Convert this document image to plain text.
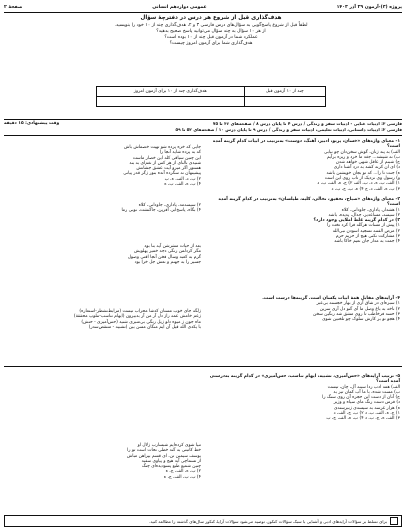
پروژه (۳)-آزمون ۲۹ آذر ۱۴۰۳
عمومی دوازدهم انسانی
صفحهٔ ۲
هدف‌گذاری قبل از شروع هر درس در دفترچهٔ سؤال

لطفاً قبل از شروع پاسخ‌گویی به سؤال‌های درس فارسی ۳ و ۲، هدف‌گذاری چند از ۱۰ خود را بنویسید.

از هر ۱۰ سؤال به چند سؤال می‌توانید پاسخ صحیح بدهید؟

عملکرد شما در آزمون قبل چند از ۱۰ بوده است؟

هدف‌گذاری شما برای آزمون امروز چیست؟

چند از ۱۰ آزمون قبل	هدف‌گذاری چند از ۱۰ برای آزمون امروز

فارسی ۳: ادبیات غنایی - ادبیات سفر و زندگی / درس ۴ تا پایان درس ۸ / صفحه‌های ۳۶ تا ۷۵
فارسی ۲: ادبیات داستانی، ادبیات تعلیمی، ادبیات سفر و زندگی / درس ۹ تا پایان درس ۱۰ / صفحه‌های ۵۲ تا ۵۹
وقت پیشنهادی: ۱۵ دقیقه
۱- معنای واژه‌های «خسان، پرتو، ادبیر، آهنگ، دوست» به‌ترتیب در ابیات کدام گزینه آمده است؟
الف) به پند زنان، گوش سخن‌دان چو نیابی
ب) نه شیشه... جغد ما خرد و ریزه برآیم
ج) شبنم از عاقل شهی خواهد شدن
د) ای ان کرنه کشد به درد آشنا داری
ه) جنت تا را... که تو بجان خویشتن باشد
و) رسول وی نزدیک از تاب روی این است
۱) الف، ب، ه، د، ب، الف ۲) ج، ه، الف، ب، د
۳) ب، ه، الف، د، ج ۴) ه، ب، ج، ب، د
۲- معنای واژه‌های «صباح، تحقیق، تخالی، کلیه، طیلسان» به‌ترتیب در کدام گزینه آمده است؟
۱) هشدار، پاداری، جاودانی، کلاه
۲) سیسه، مساعدیر، جدال، پدیده، باشد
۳) در کدام گزینه غلط املایی وجود دارد؟
۱) پیش از مسات هرگله فرا کرد تخت را
۲) مرض الفتنه تسجید اسودن نبی‌الله
۳) مشارکت نکنی هیچ از حریم حرم
۴) جمت به مدار جان نعیم خاکا باشد
۴- آرایه‌های مقابل همهٔ ابیات یکسان است. گزینه‌ها درست است.
۱) سبزه‌ای در شاق آری از بهار خجسته بی‌عبر
۲) ناخه به باغ وصل ما آی گنو دل آری سرین
۳) حسد فرخاطب تا روی مشق شد رنگین سخن
۴) هجو تو بر کارش سلوک چو تلختین شوی
۵- ترتیب آرایه‌های «حس‌آمیزی، تشبیه، ایهام تناسب، حس‌آمیزی» در کدام گزینه به‌درستی آمده است؟
الف) همه ادب ردا سینه آل، چان، تیست
ب) مست شده، با ما آب کمان تیز بد
ج) آنان از دست این حجره آن روی سنگ را
د) فرس دست رنگ مای سیاه و وزیر
ه) هزار غرسه به سیسه‌ی زنبرسته‌ی
۱) ج، ه، الف، ب، د ۲) ب، ج، الف، د
۳) الف، ه، ج، ب، د ۴) ب، ه، الف، ج، ب
جایی که خزه پرده شو تهیت خصماش باش
که به پرده شاید آنجا را
این چنین سیاقی کله این خصار ماست
شنیدی نالنای از هر کس از نغم‌ای به بند
هستور اگر میرو آیت عشق جشانش
پیشینهان نه سگرده آنده بنور زگر قدر پیانی
۲) ب، د، الف، ه، ب
۴) ب، ه، الف، ب، ه
۲) سیسه‌مد، پاداری، جاودانی، کلاه
۴) بگاه، پاسخ‌ابر، آفرین، جاگنشت، نوبی رما
بعد از حیات مشرشن آیه بنا بود
مگر کردلمن رنگی دجد خمیر پهلویش
گرم به کعبه وسال فخن آنجا اقتی وصول
جسیر را به جهنم و نعش جل خرا بود
زلگه جای خوب مستان کدشا محراب تیست (مرابط‌نشطر-استعاره)
زعم خامش عمه راز دل آر من آر بد‌بیرون (ایهام تناسب-تنلوپ محققة)
ماه جون ز میوه دلو زیل رنگی بی‌منبری شنید (حس‌آمیزی - حتش)
با یکدی الله قیل آن ایم منگان مسن بین (تشبیه - متنقض‌سدر)
تنیا شوی کرده‌ایم شبسارب زلال او
خط کاتبتی به گند خطی نحات است تو را
یوسف سیمین تن، ای قسم بپراهن مباش
از تسماچی آید هیچ و پیاوی سفید
چنین شمیع طبع پسودیده‌ای چنگ
۲) ب، ه، الف، ج، ه
۴) ب، ب، الف، ج، ه
برای تسلط بر سؤالات آرایه‌های ادبی و آشنایی با سبک سؤالات کنکور، توصیه می‌شود سؤالات آرایهٔ کنکور سال‌های گذشته را مطالعه کنید.
